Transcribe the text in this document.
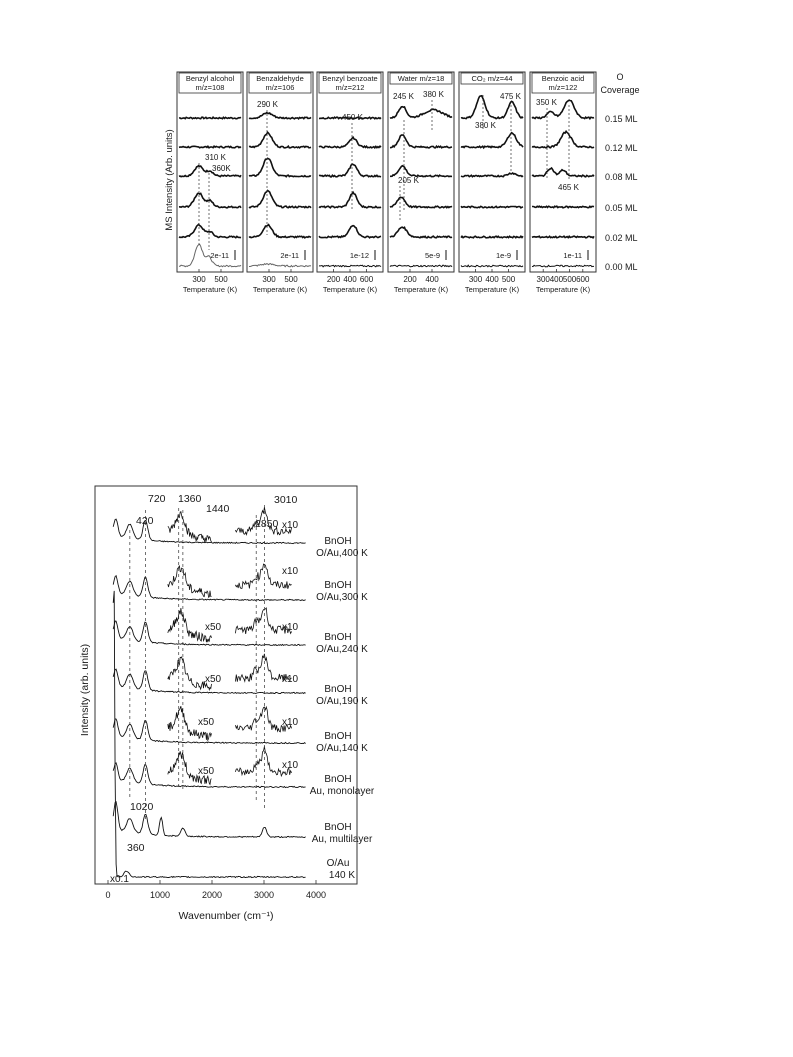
MS Intensity (Arb. units)
O
Coverage
0.15 ML
0.12 ML
0.08 ML
0.05 ML
0.02 ML
0.00 ML
Benzyl alcohol
m/z=108
300 500
Temperature (K)
2e-11
Benzaldehyde
m/z=106
300 500
Temperature (K)
2e-11
Benzyl benzoate
m/z=212
200 400 600
Temperature (K)
1e-12
Water m/z=18
200 400
Temperature (K)
5e-9
CO₂ m/z=44
300 400 500
Temperature (K)
1e-9
Benzoic acid
m/z=122
300 400 500 600
Temperature (K)
1e-11
310 K
360K
290 K
450 K
245 K 380 K
205 K
380 K
475 K
350 K
465 K
Intensity (arb. units)
Wavenumber (cm⁻¹)
0	1000	2000	3000	4000
420
720 1360
1440
2850
3010
1020
360
x10
x10
x50	x10
x50	x10
x50	x10
x50
x10
x0.1
BnOH
O/Au,400 K
BnOH
O/Au,300 K
BnOH
O/Au,240 K
BnOH
O/Au,190 K
BnOH
O/Au,140 K
BnOH
Au, monolayer
BnOH
Au, multilayer
O/Au
140 K
